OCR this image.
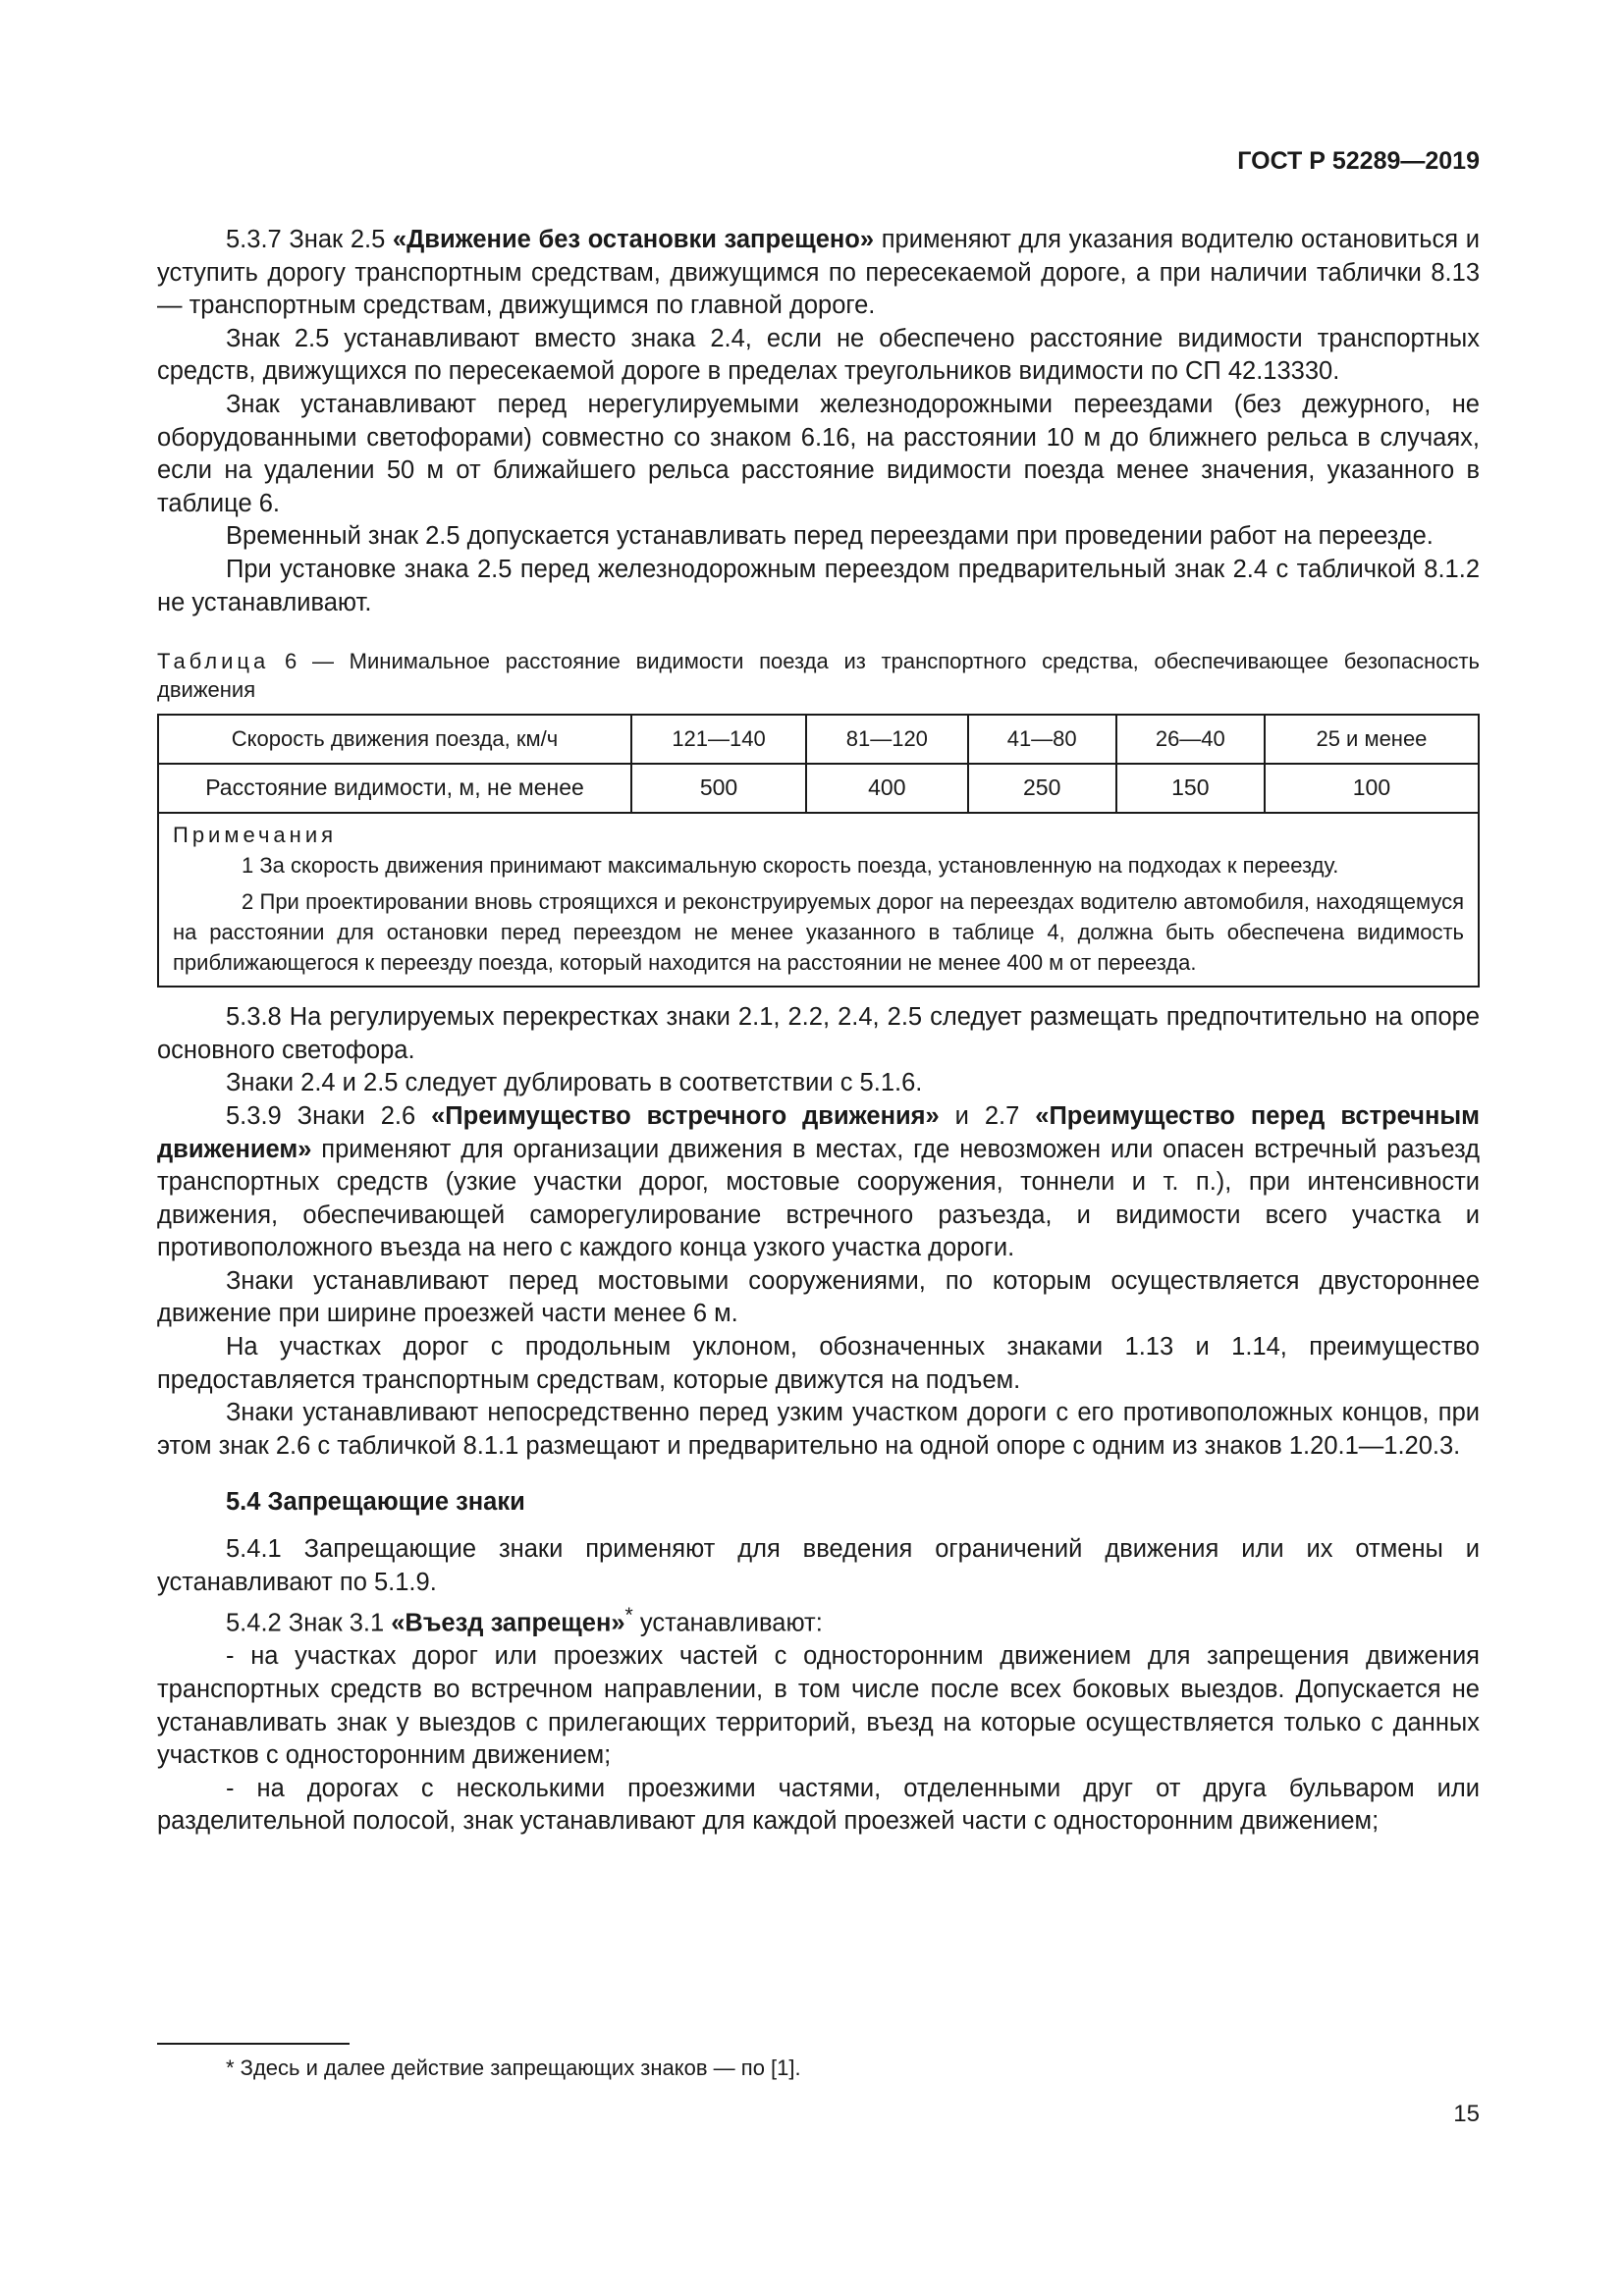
ГОСТ Р 52289—2019

5.3.7 Знак 2.5 «Движение без остановки запрещено» применяют для указания водителю остановиться и уступить дорогу транспортным средствам, движущимся по пересекаемой дороге, а при наличии таблички 8.13 — транспортным средствам, движущимся по главной дороге.

Знак 2.5 устанавливают вместо знака 2.4, если не обеспечено расстояние видимости транспортных средств, движущихся по пересекаемой дороге в пределах треугольников видимости по СП 42.13330.

Знак устанавливают перед нерегулируемыми железнодорожными переездами (без дежурного, не оборудованными светофорами) совместно со знаком 6.16, на расстоянии 10 м до ближнего рельса в случаях, если на удалении 50 м от ближайшего рельса расстояние видимости поезда менее значения, указанного в таблице 6.

Временный знак 2.5 допускается устанавливать перед переездами при проведении работ на переезде.

При установке знака 2.5 перед железнодорожным переездом предварительный знак 2.4 с табличкой 8.1.2 не устанавливают.

Таблица 6 — Минимальное расстояние видимости поезда из транспортного средства, обеспечивающее безопасность движения

Скорость движения поезда, км/ч	121—140	81—120	41—80	26—40	25 и менее
Расстояние видимости, м, не менее	500	400	250	150	100

Примечания

1 За скорость движения принимают максимальную скорость поезда, установленную на подходах к переезду.

2 При проектировании вновь строящихся и реконструируемых дорог на переездах водителю автомобиля, находящемуся на расстоянии для остановки перед переездом не менее указанного в таблице 4, должна быть обеспечена видимость приближающегося к переезду поезда, который находится на расстоянии не менее 400 м от переезда.					

5.3.8 На регулируемых перекрестках знаки 2.1, 2.2, 2.4, 2.5 следует размещать предпочтительно на опоре основного светофора.

Знаки 2.4 и 2.5 следует дублировать в соответствии с 5.1.6.

5.3.9 Знаки 2.6 «Преимущество встречного движения» и 2.7 «Преимущество перед встречным движением» применяют для организации движения в местах, где невозможен или опасен встречный разъезд транспортных средств (узкие участки дорог, мостовые сооружения, тоннели и т. п.), при интенсивности движения, обеспечивающей саморегулирование встречного разъезда, и видимости всего участка и противоположного въезда на него с каждого конца узкого участка дороги.

Знаки устанавливают перед мостовыми сооружениями, по которым осуществляется двустороннее движение при ширине проезжей части менее 6 м.

На участках дорог с продольным уклоном, обозначенных знаками 1.13 и 1.14, преимущество предоставляется транспортным средствам, которые движутся на подъем.

Знаки устанавливают непосредственно перед узким участком дороги с его противоположных концов, при этом знак 2.6 с табличкой 8.1.1 размещают и предварительно на одной опоре с одним из знаков 1.20.1—1.20.3.

5.4 Запрещающие знаки

5.4.1 Запрещающие знаки применяют для введения ограничений движения или их отмены и устанавливают по 5.1.9.

5.4.2 Знак 3.1 «Въезд запрещен»* устанавливают:

- на участках дорог или проезжих частей с односторонним движением для запрещения движения транспортных средств во встречном направлении, в том числе после всех боковых выездов. Допускается не устанавливать знак у выездов с прилегающих территорий, въезд на которые осуществляется только с данных участков с односторонним движением;

- на дорогах с несколькими проезжими частями, отделенными друг от друга бульваром или разделительной полосой, знак устанавливают для каждой проезжей части с односторонним движением;

* Здесь и далее действие запрещающих знаков — по [1].
15
